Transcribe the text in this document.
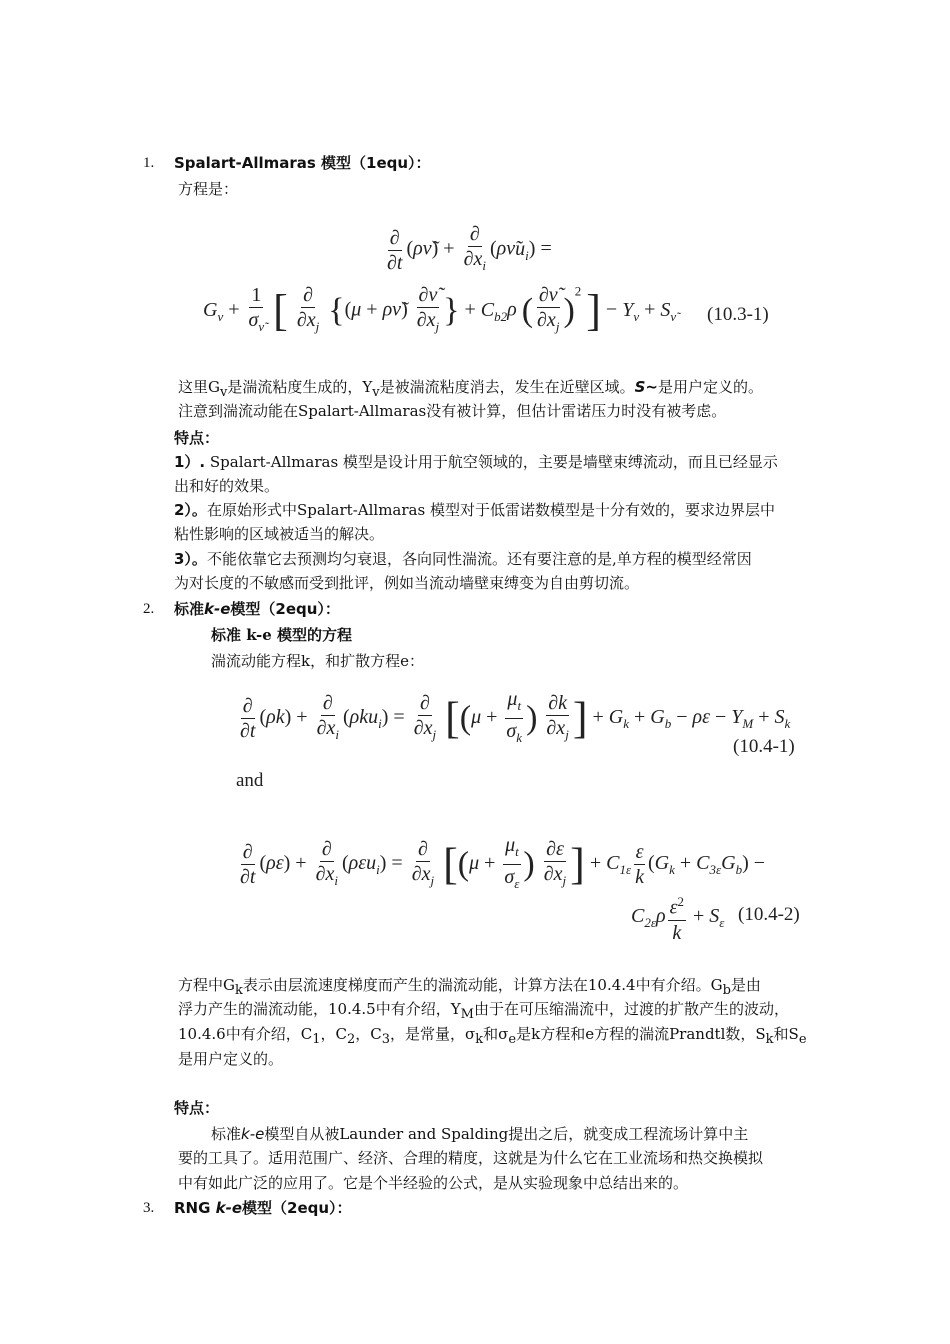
1. Spalart-Allmaras 模型（1equ）：
方程是：
$\frac{\partial}{\partial t}$ (ρν̃) + $\frac{\partial}{\partial x_i}$ $(\rho\nũu_i)$ =
$G_\nu + \frac{1}{\sigma_{\nũ}}$ [ $\frac{\partial}{\partial x_j} \{(\mu$ + ρν̃) $\frac{\partial\nũ}{\partial x_j}$ } + $C_{b2}\rho$ ( $\frac{\partial\nũ}{\partial x_j} )^2$ ] − $Y_\nu + S_{\nũ}$ (10.3-1)
这里$G_v$是湍流粘度生成的，$Y_v$是被湍流粘度消去，发生在近壁区域。S~是用户定义的。
注意到湍流动能在Spalart-Allmaras没有被计算，但估计雷诺压力时没有被考虑。
特点：
1）. Spalart-Allmaras 模型是设计用于航空领域的，主要是墙壁束缚流动，而且已经显示
出和好的效果。
2）。在原始形式中Spalart-Allmaras 模型对于低雷诺数模型是十分有效的，要求边界层中
粘性影响的区域被适当的解决。
3）。不能依靠它去预测均匀衰退，各向同性湍流。还有要注意的是,单方程的模型经常因
为对长度的不敏感而受到批评，例如当流动墙壁束缚变为自由剪切流。
2. 标准k-e模型（2equ）：
标准 k-e 模型的方程
湍流动能方程k，和扩散方程e：
$\frac{\partial}{\partial t} (\rho k) + \frac{\partial}{\partial x_i} (\rho ku_i) = \frac{\partial}{\partial x_j} [(\mu + \frac{\mu_t}{\sigma_k}$ ) $\frac{\partial k}{\partial x_j}$ ] + $G_k + G_b - \rho\varepsilon - Y_M + S_k$
(10.4-1)
and
$\frac{\partial}{\partial t} (\rho\varepsilon) + \frac{\partial}{\partial x_i} (\rho\varepsilon u_i) = \frac{\partial}{\partial x_j} [(\mu + \frac{\mu_t}{\sigma_\varepsilon}$ ) $\frac{\partial\varepsilon}{\partial x_j}$ ] + $C_{1\varepsilon} \frac{\varepsilon}{k} (G_k + C_{3\varepsilon}G_b)$ −
$C_{2\varepsilon}\rho \frac{\varepsilon^2}{k} + S_\varepsilon$ (10.4-2)
方程中$G_k$表示由层流速度梯度而产生的湍流动能，计算方法在10.4.4中有介绍。$G_b$是由
浮力产生的湍流动能，10.4.5中有介绍，$Y_M$由于在可压缩湍流中，过渡的扩散产生的波动，
10.4.6中有介绍，$C_1$，$C_2$，$C_3$，是常量，$\sigma_k$和$\sigma_e$是k方程和e方程的湍流Prandtl数，$S_k$和$S_e$
是用户定义的。
特点：
标准k-e模型自从被Launder and Spalding提出之后，就变成工程流场计算中主
要的工具了。适用范围广、经济、合理的精度，这就是为什么它在工业流场和热交换模拟
中有如此广泛的应用了。它是个半经验的公式，是从实验现象中总结出来的。
3. RNG k-e模型（2equ）：
